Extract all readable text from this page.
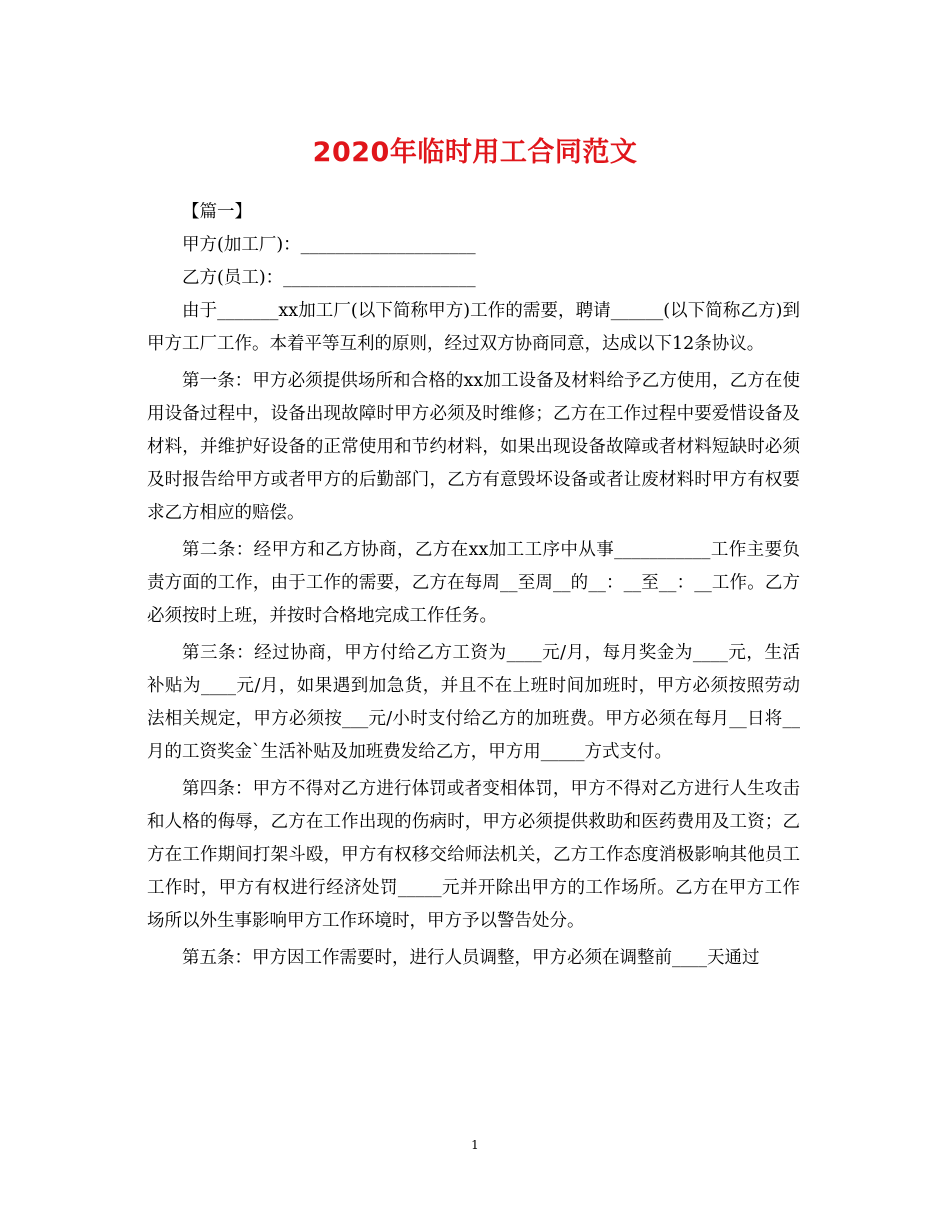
2020年临时用工合同范文

【篇一】

甲方(加工厂)：____________________

乙方(员工)：______________________

由于_______xx加工厂(以下简称甲方)工作的需要，聘请______(以下简称乙方)到甲方工厂工作。本着平等互利的原则，经过双方协商同意，达成以下12条协议。

第一条：甲方必须提供场所和合格的xx加工设备及材料给予乙方使用，乙方在使用设备过程中，设备出现故障时甲方必须及时维修；乙方在工作过程中要爱惜设备及材料，并维护好设备的正常使用和节约材料，如果出现设备故障或者材料短缺时必须及时报告给甲方或者甲方的后勤部门，乙方有意毁坏设备或者让废材料时甲方有权要求乙方相应的赔偿。

第二条：经甲方和乙方协商，乙方在xx加工工序中从事___________工作主要负责方面的工作，由于工作的需要，乙方在每周__至周__的__：__至__：__工作。乙方必须按时上班，并按时合格地完成工作任务。

第三条：经过协商，甲方付给乙方工资为____元/月，每月奖金为____元，生活补贴为____元/月，如果遇到加急货，并且不在上班时间加班时，甲方必须按照劳动法相关规定，甲方必须按___元/小时支付给乙方的加班费。甲方必须在每月__日将__月的工资奖金`生活补贴及加班费发给乙方，甲方用_____方式支付。

第四条：甲方不得对乙方进行体罚或者变相体罚，甲方不得对乙方进行人生攻击和人格的侮辱，乙方在工作出现的伤病时，甲方必须提供救助和医药费用及工资；乙方在工作期间打架斗殴，甲方有权移交给师法机关，乙方工作态度消极影响其他员工工作时，甲方有权进行经济处罚_____元并开除出甲方的工作场所。乙方在甲方工作场所以外生事影响甲方工作环境时，甲方予以警告处分。

第五条：甲方因工作需要时，进行人员调整，甲方必须在调整前____天通过

1
